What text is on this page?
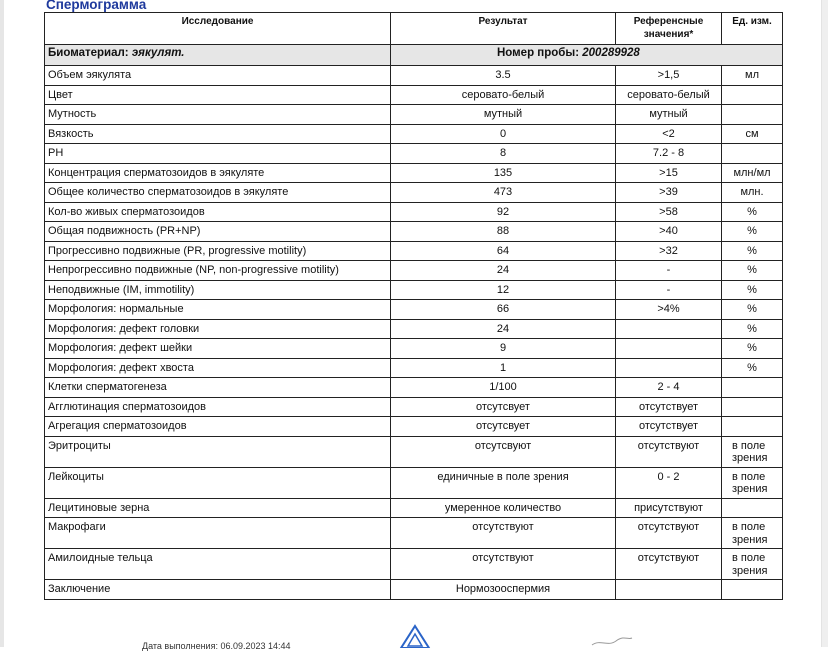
Спермограмма
Исследование	Результат	Референсные значения*	Ед. изм.
Биоматериал: эякулят.	Номер пробы: 200289928		
Объем эякулята	3.5	>1,5	мл
Цвет	серовато-белый	серовато-белый	
Мутность	мутный	мутный	
Вязкость	0	<2	см
PH	8	7.2 - 8	
Концентрация сперматозоидов в эякуляте	135	>15	млн/мл
Общее количество сперматозоидов в эякуляте	473	>39	млн.
Кол-во живых сперматозоидов	92	>58	%
Общая подвижность (PR+NP)	88	>40	%
Прогрессивно подвижные (PR, progressive motility)	64	>32	%
Непрогрессивно подвижные (NP, non-progressive motility)	24	-	%
Неподвижные (IM, immotility)	12	-	%
Морфология: нормальные	66	>4%	%
Морфология: дефект головки	24		%
Морфология: дефект шейки	9		%
Морфология: дефект хвоста	1		%
Клетки сперматогенеза	1/100	2 - 4	
Агглютинация сперматозоидов	отсутсвует	отсутствует	
Агрегация сперматозоидов	отсутсвует	отсутствует	
Эритроциты	отсутсвуют	отсутствуют	в поле зрения
Лейкоциты	единичные в поле зрения	0 - 2	в поле зрения
Лецитиновые зерна	умеренное количество	присутствуют	
Макрофаги	отсутствуют	отсутствуют	в поле зрения
Амилоидные тельца	отсутствуют	отсутствуют	в поле зрения
Заключение	Нормозооспермия		
Дата выполнения: 06.09.2023 14:44
